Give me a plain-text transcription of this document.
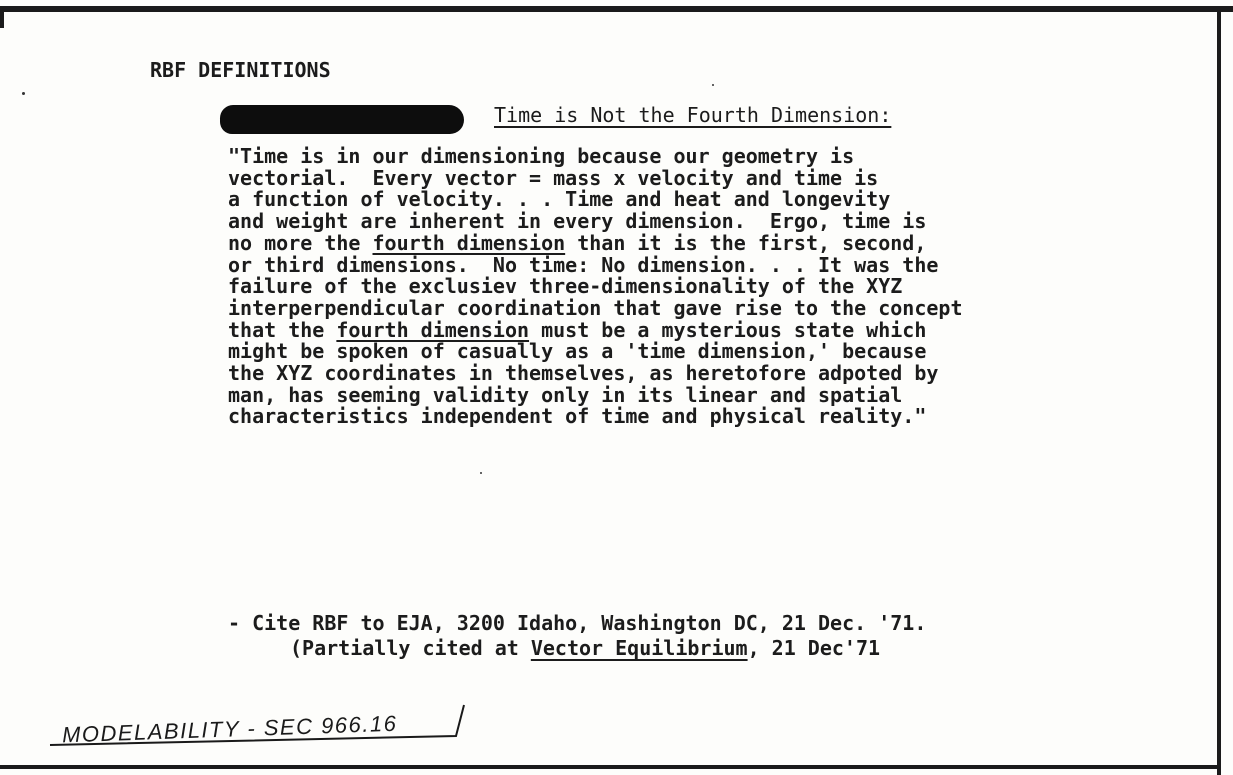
RBF DEFINITIONS
Time is Not the Fourth Dimension:
"Time is in our dimensioning because our geometry is
vectorial.  Every vector = mass x velocity and time is
a function of velocity. . . Time and heat and longevity
and weight are inherent in every dimension.  Ergo, time is
no more the fourth dimension than it is the first, second,
or third dimensions.  No time: No dimension. . . It was the
failure of the exclusiev three-dimensionality of the XYZ
interperpendicular coordination that gave rise to the concept
that the fourth dimension must be a mysterious state which
might be spoken of casually as a 'time dimension,' because
the XYZ coordinates in themselves, as heretofore adpoted by
man, has seeming validity only in its linear and spatial
characteristics independent of time and physical reality."
- Cite RBF to EJA, 3200 Idaho, Washington DC, 21 Dec. '71.
(Partially cited at Vector Equilibrium, 21 Dec'71
MODELABILITY - SEC 966.16
